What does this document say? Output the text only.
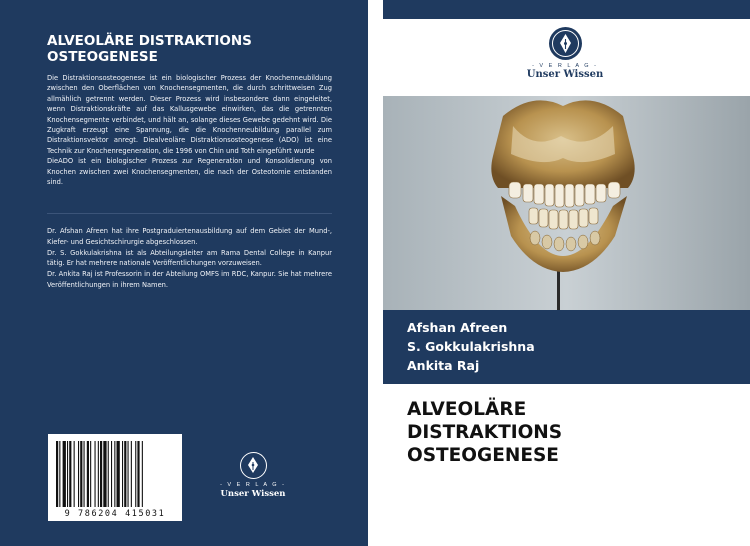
ALVEOLÄRE DISTRAKTIONS
OSTEOGENESE

Die Distraktionsosteogenese ist ein biologischer Prozess der Knochenneubildung zwischen den Oberflächen von Knochensegmenten, die durch schrittweisen Zug allmählich getrennt werden. Dieser Prozess wird insbesondere dann eingeleitet, wenn Distraktionskräfte auf das Kallusgewebe einwirken, das die getrennten Knochensegmente verbindet, und hält an, solange dieses Gewebe gedehnt wird. Die Zugkraft erzeugt eine Spannung, die die Knochenneubildung parallel zum Distraktionsvektor anregt. Diealveoläre Distraktionsosteogenese (ADO) ist eine Technik zur Knochenregeneration, die 1996 von Chin und Toth eingeführt wurde

DieADO ist ein biologischer Prozess zur Regeneration und Konsolidierung von Knochen zwischen zwei Knochensegmenten, die nach der Osteotomie entstanden sind.

Dr. Afshan Afreen hat ihre Postgraduiertenausbildung auf dem Gebiet der Mund-, Kiefer- und Gesichtschirurgie abgeschlossen.

Dr. S. Gokkulakrishna ist als Abteilungsleiter am Rama Dental College in Kanpur tätig. Er hat mehrere nationale Veröffentlichungen vorzuweisen.

Dr. Ankita Raj ist Professorin in der Abteilung OMFS im RDC, Kanpur. Sie hat mehrere Veröffentlichungen in ihrem Namen.

9 786204 415031
- V E R L A G -
Unser Wissen
- V E R L A G -
Unser Wissen
Afshan Afreen
S. Gokkulakrishna
Ankita Raj
ALVEOLÄRE
DISTRAKTIONS
OSTEOGENESE
